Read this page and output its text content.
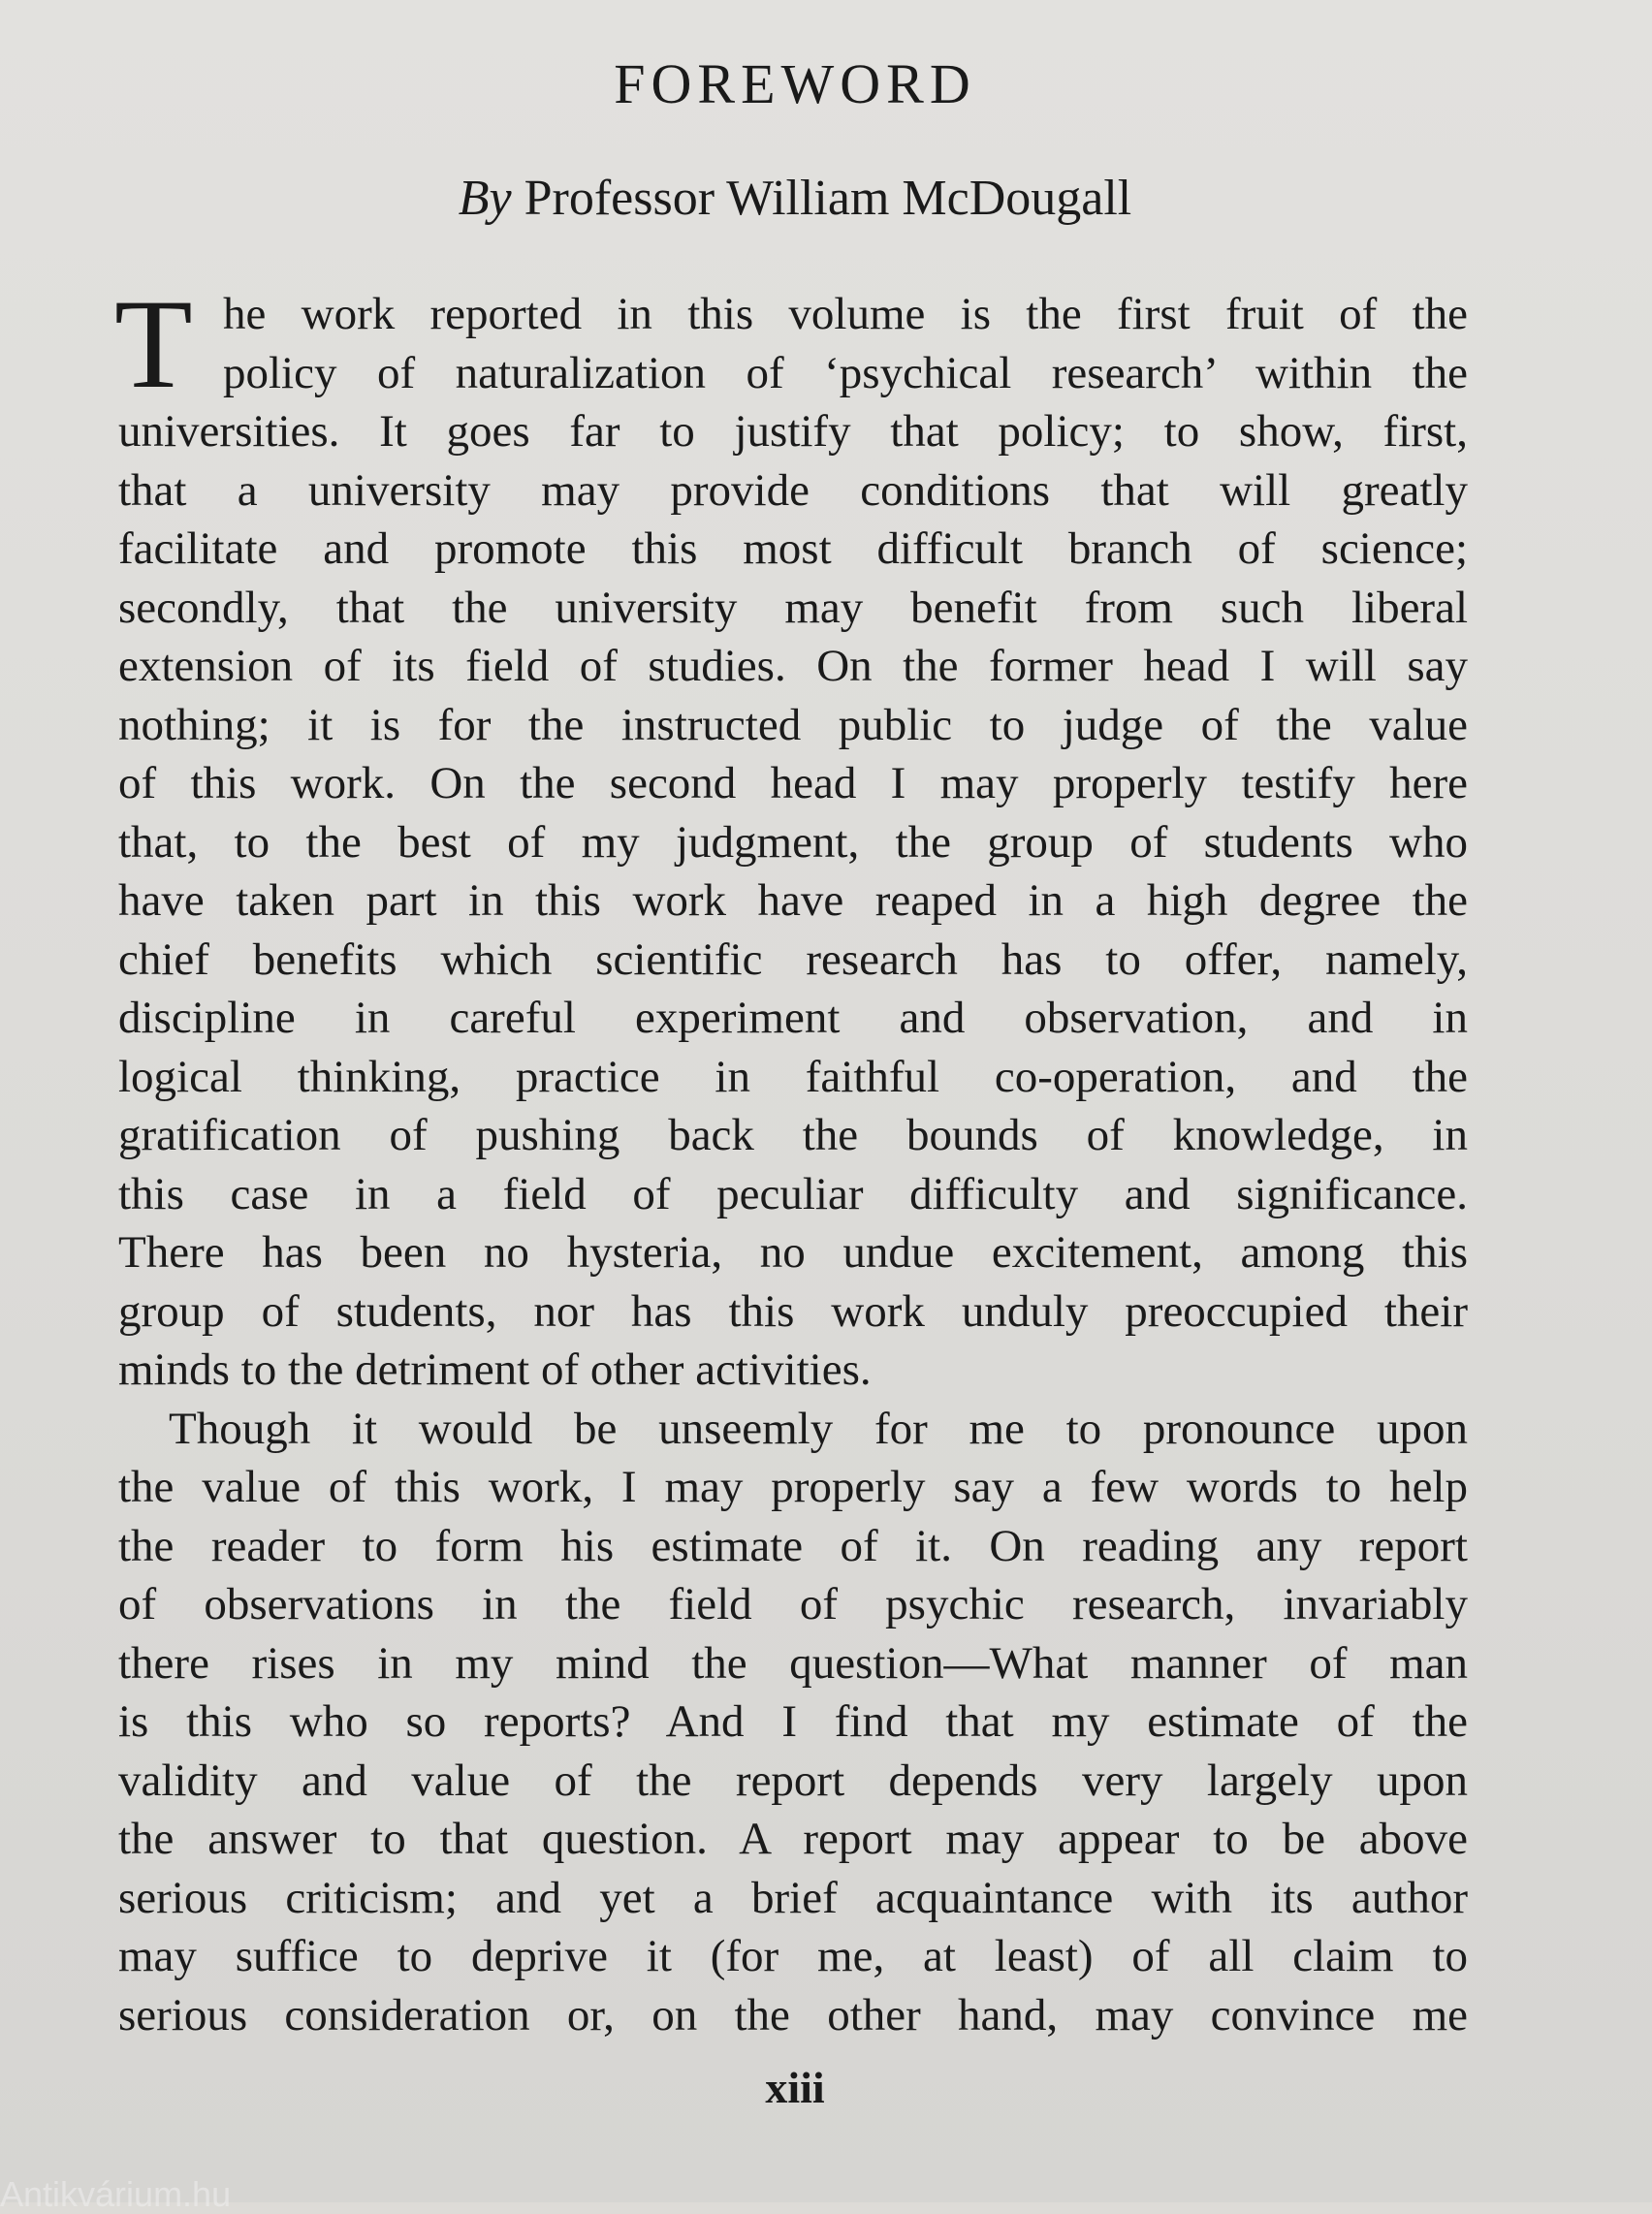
FOREWORD
By Professor William McDougall
T he work reported in this volume is the first fruit of the
policy of naturalization of ‘psychical research’ within the
universities. It goes far to justify that policy; to show, first,
that a university may provide conditions that will greatly
facilitate and promote this most difficult branch of science;
secondly, that the university may benefit from such liberal
extension of its field of studies. On the former head I will say
nothing; it is for the instructed public to judge of the value
of this work. On the second head I may properly testify here
that, to the best of my judgment, the group of students who
have taken part in this work have reaped in a high degree the
chief benefits which scientific research has to offer, namely,
discipline in careful experiment and observation, and in
logical thinking, practice in faithful co-operation, and the
gratification of pushing back the bounds of knowledge, in
this case in a field of peculiar difficulty and significance.
There has been no hysteria, no undue excitement, among this
group of students, nor has this work unduly preoccupied their
minds to the detriment of other activities.

Though it would be unseemly for me to pronounce upon
the value of this work, I may properly say a few words to help
the reader to form his estimate of it. On reading any report
of observations in the field of psychic research, invariably
there rises in my mind the question—What manner of man
is this who so reports? And I find that my estimate of the
validity and value of the report depends very largely upon
the answer to that question. A report may appear to be above
serious criticism; and yet a brief acquaintance with its author
may suffice to deprive it (for me, at least) of all claim to
serious consideration or, on the other hand, may convince me

xiii
Antikvárium.hu
